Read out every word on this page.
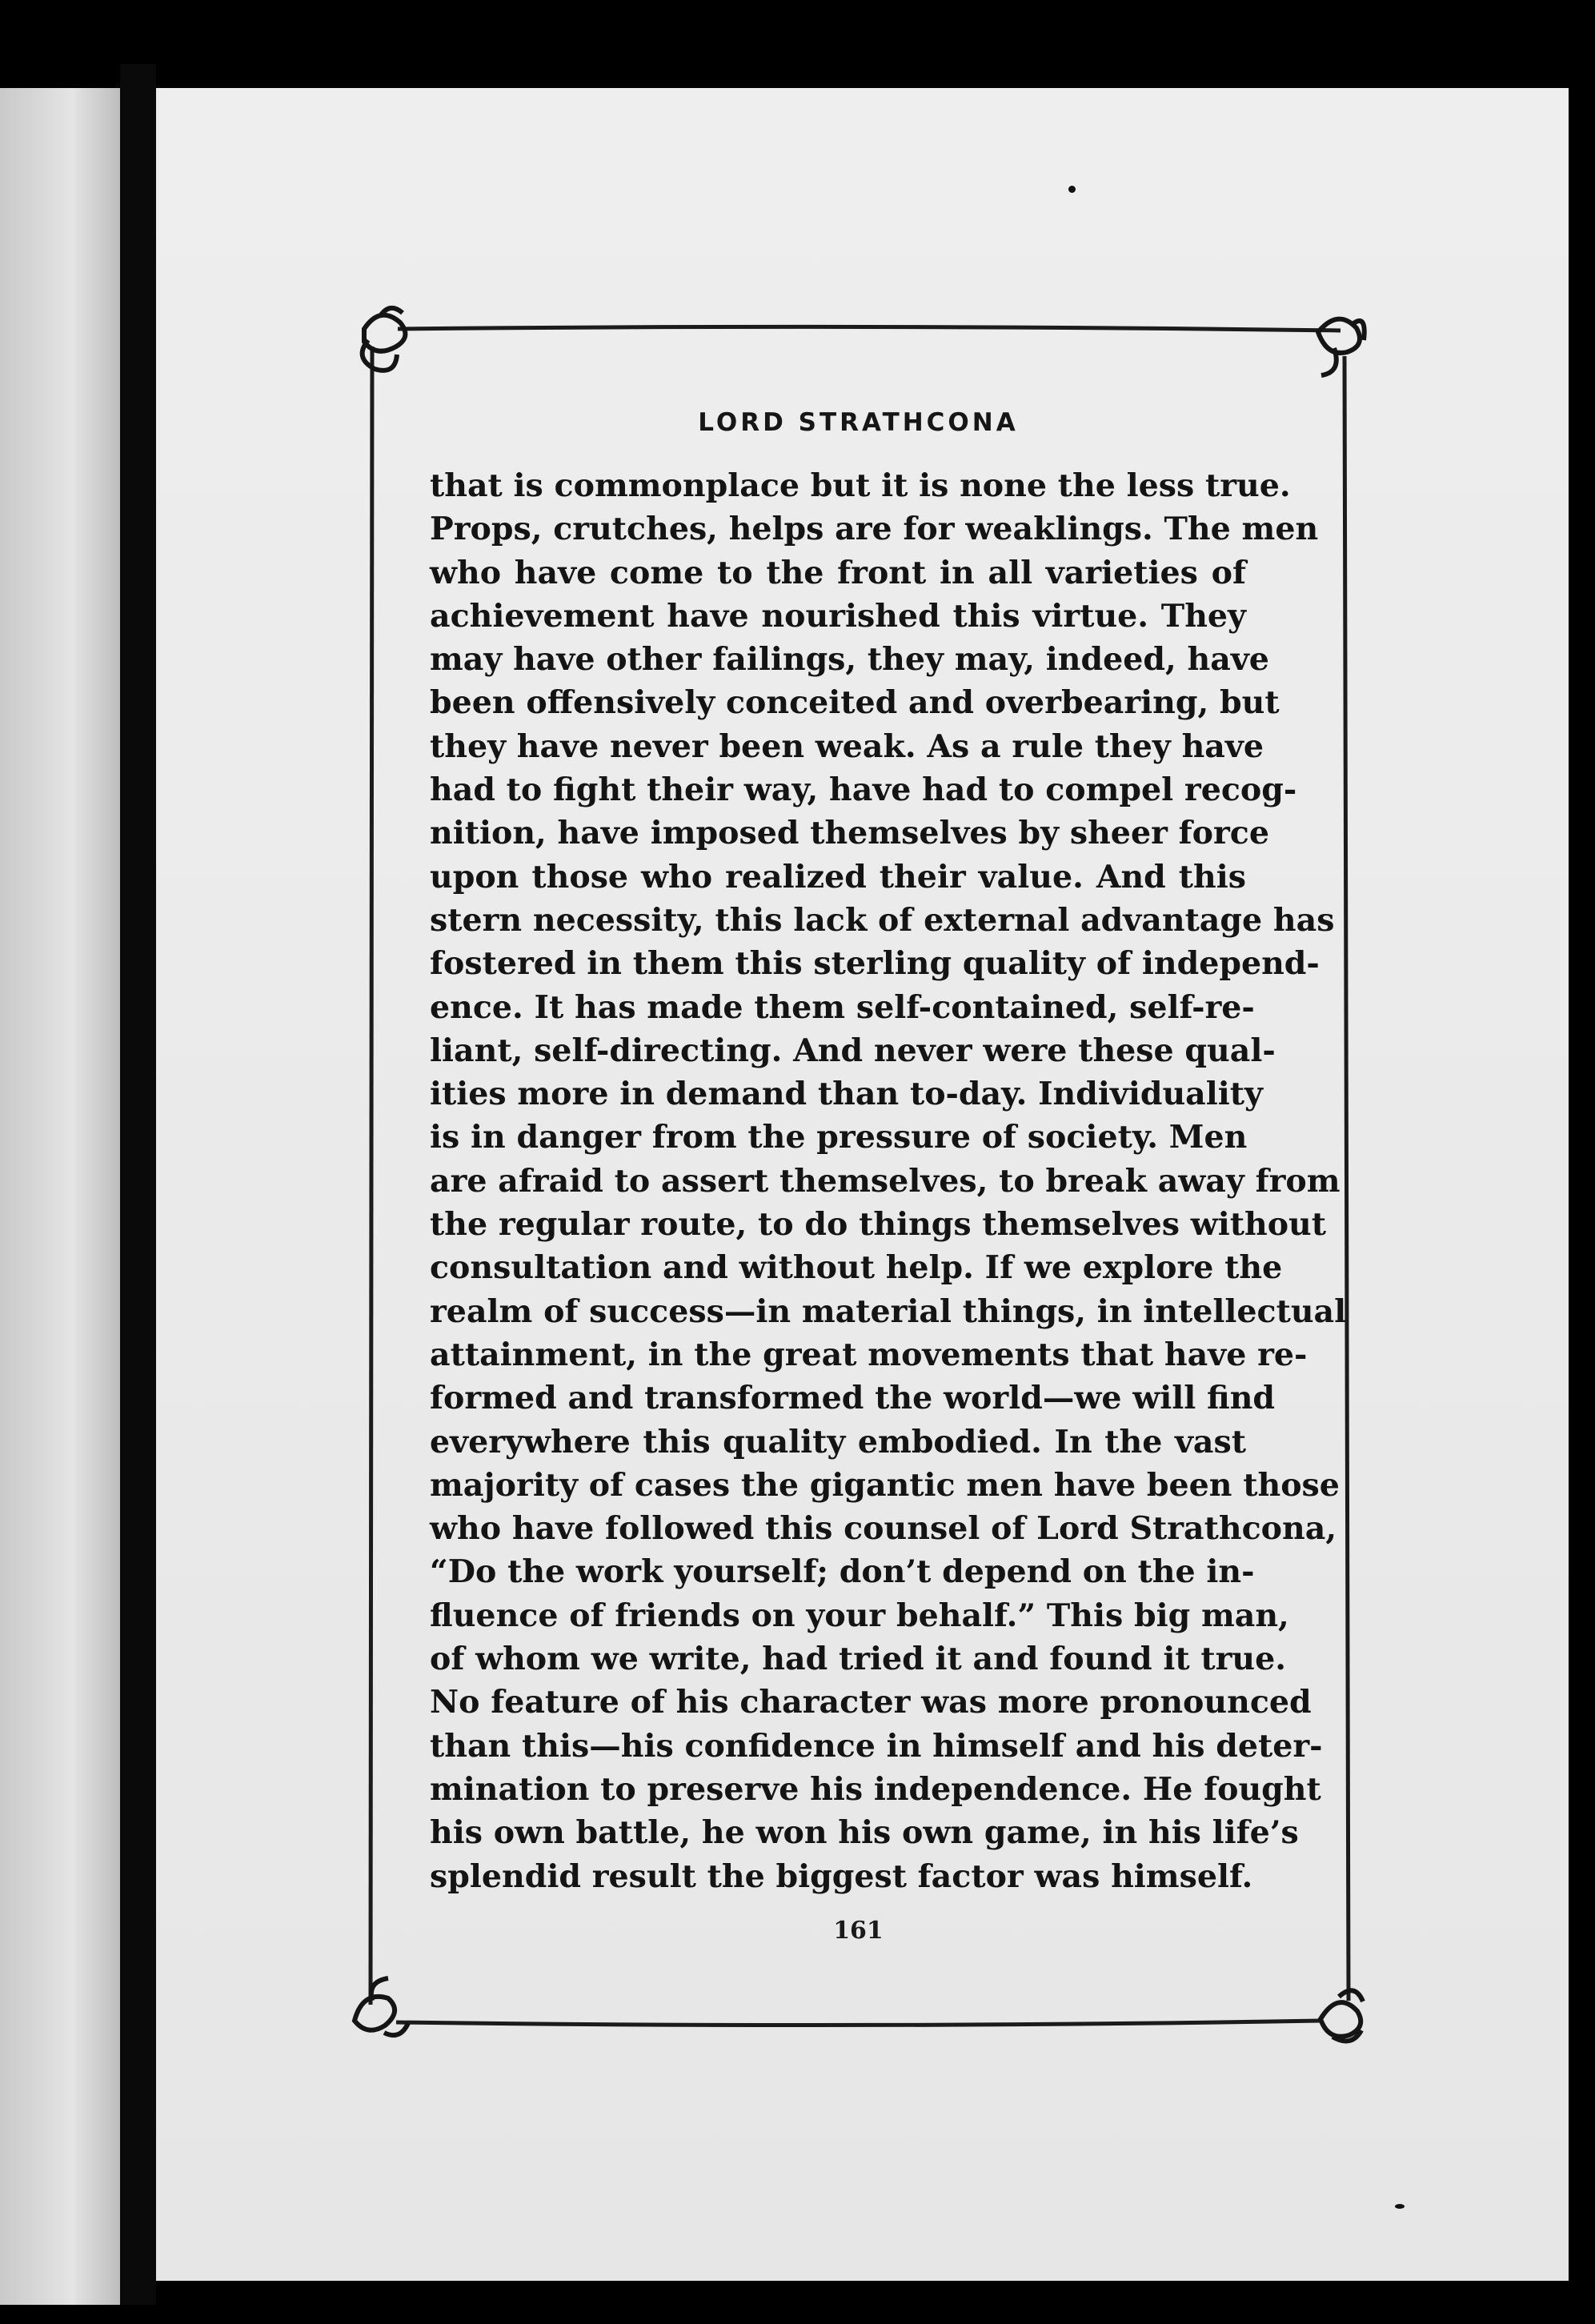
LORD STRATHCONA
that is commonplace but it is none the less true.
Props, crutches, helps are for weaklings. The men
who have come to the front in all varieties of
achievement have nourished this virtue. They
may have other failings, they may, indeed, have
been offensively conceited and overbearing, but
they have never been weak. As a rule they have
had to fight their way, have had to compel recog-
nition, have imposed themselves by sheer force
upon those who realized their value. And this
stern necessity, this lack of external advantage has
fostered in them this sterling quality of independ-
ence. It has made them self-contained, self-re-
liant, self-directing. And never were these qual-
ities more in demand than to-day. Individuality
is in danger from the pressure of society. Men
are afraid to assert themselves, to break away from
the regular route, to do things themselves without
consultation and without help. If we explore the
realm of success—in material things, in intellectual
attainment, in the great movements that have re-
formed and transformed the world—we will find
everywhere this quality embodied. In the vast
majority of cases the gigantic men have been those
who have followed this counsel of Lord Strathcona,
“Do the work yourself; don’t depend on the in-
fluence of friends on your behalf.” This big man,
of whom we write, had tried it and found it true.
No feature of his character was more pronounced
than this—his confidence in himself and his deter-
mination to preserve his independence. He fought
his own battle, he won his own game, in his life’s
splendid result the biggest factor was himself.
161
